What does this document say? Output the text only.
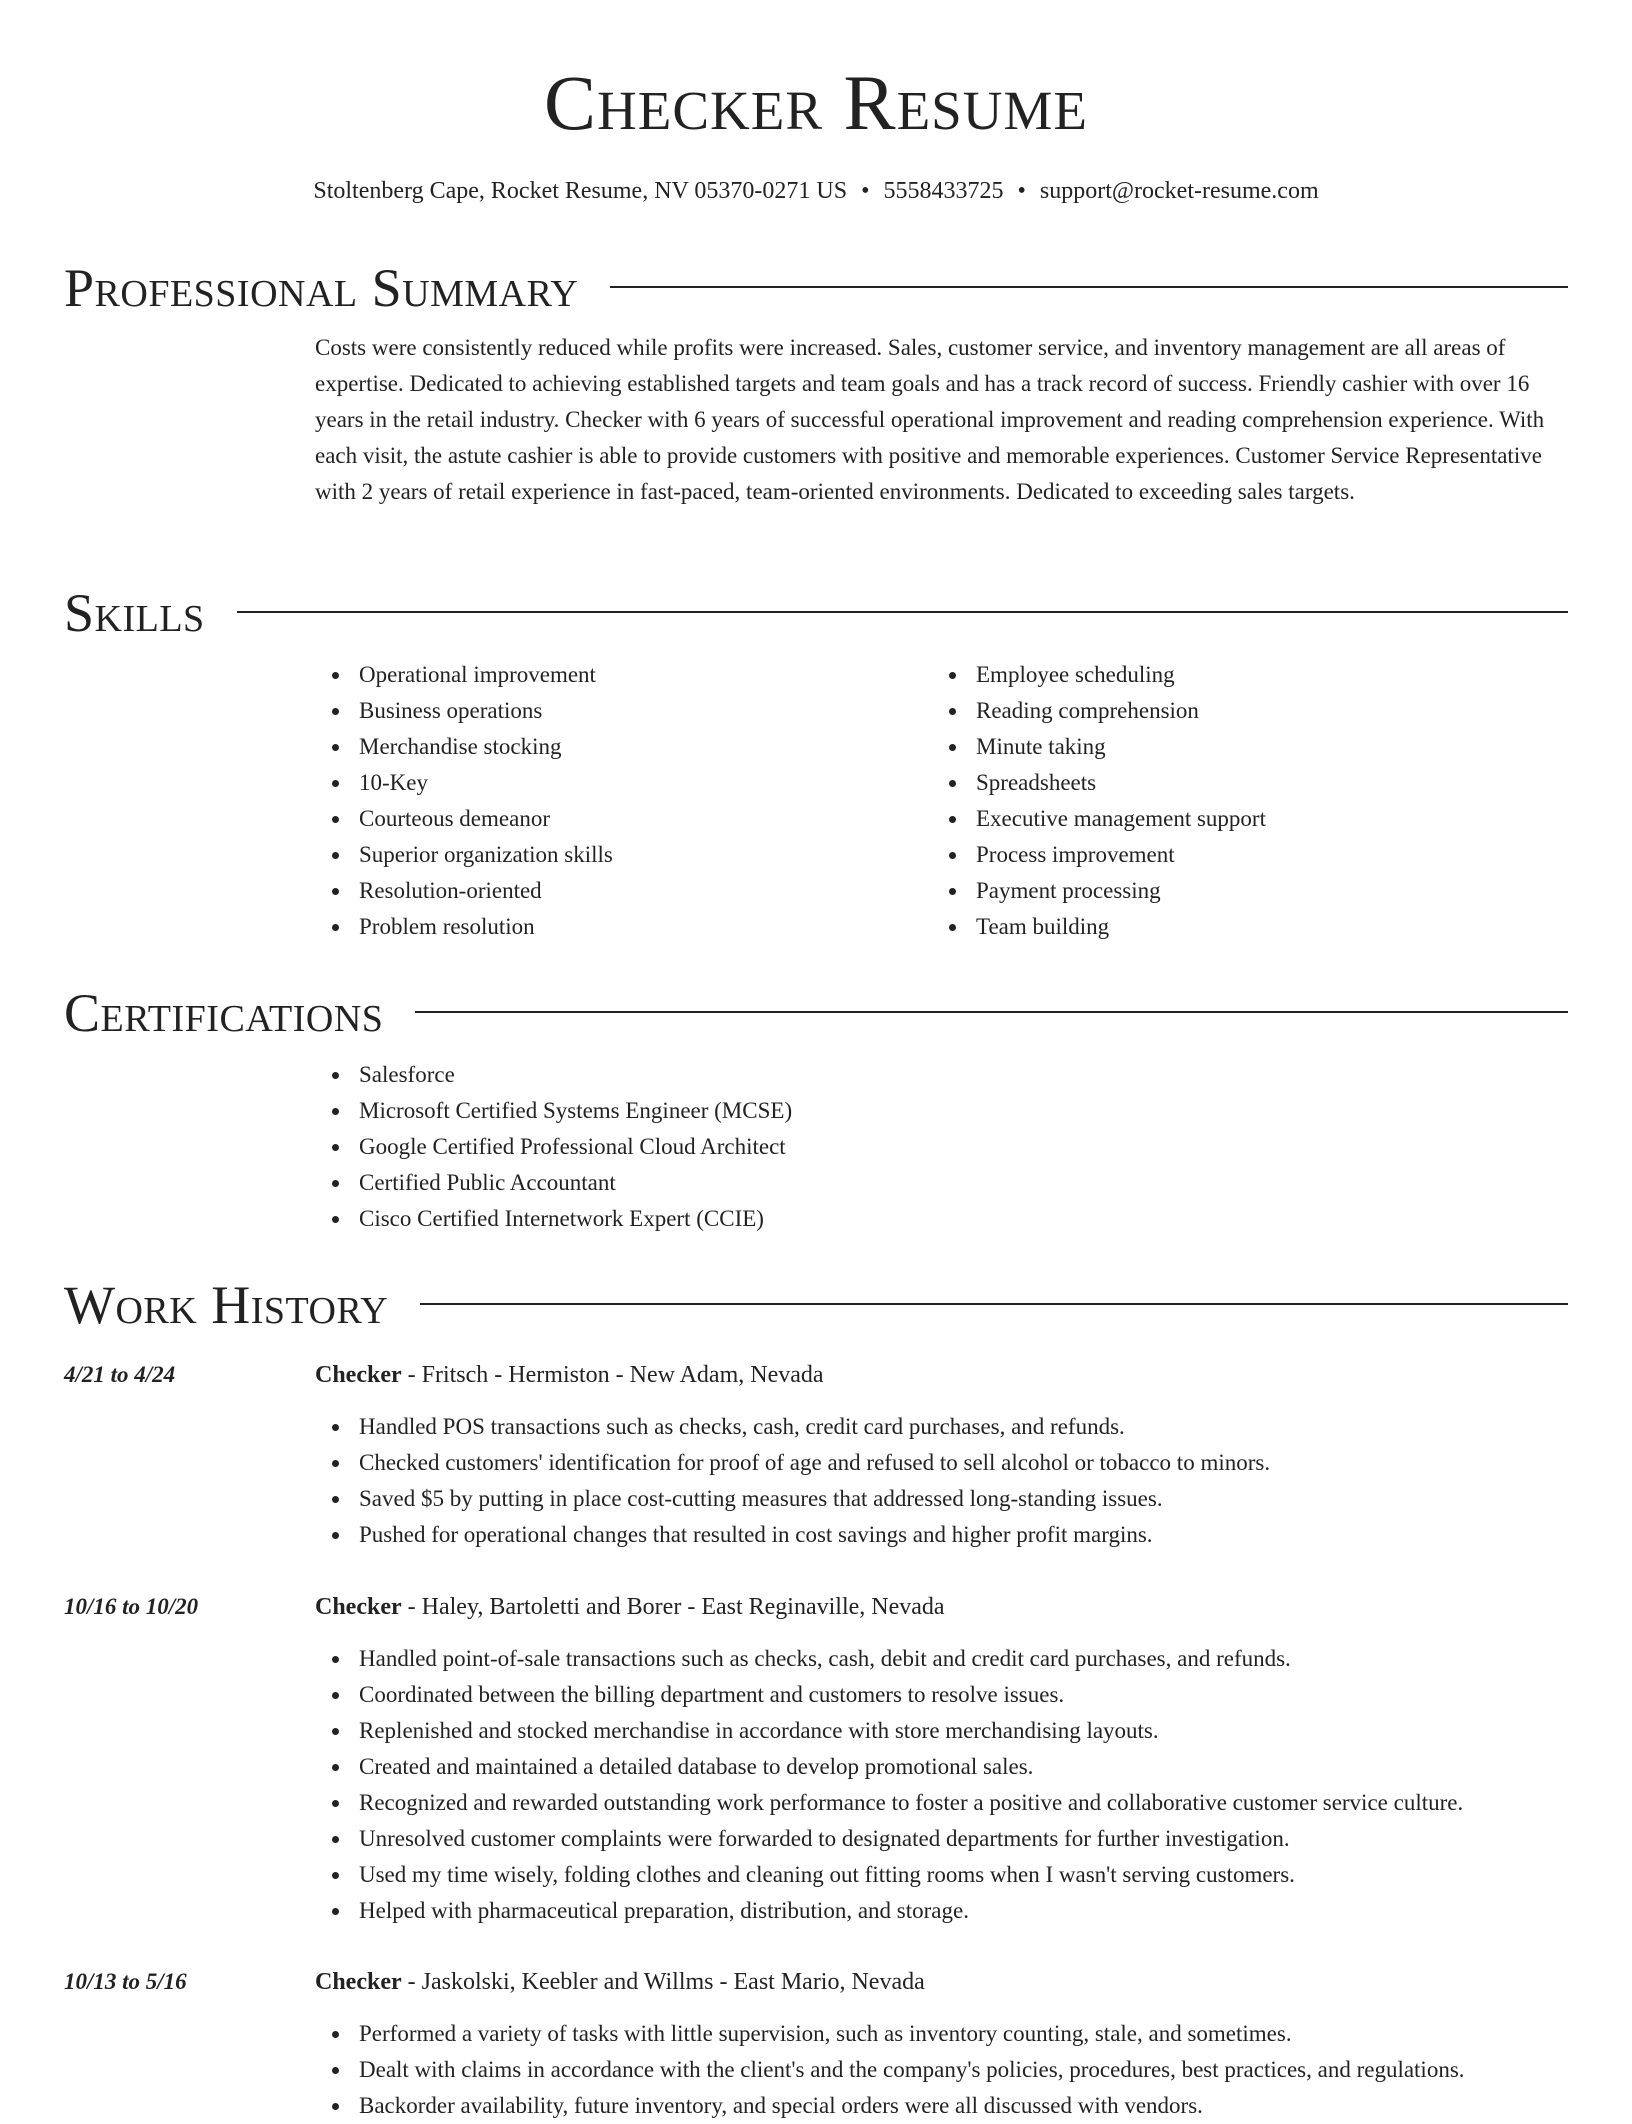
Checker Resume
Stoltenberg Cape, Rocket Resume, NV 05370-0271 US • 5558433725 • support@rocket-resume.com
Professional Summary

Costs were consistently reduced while profits were increased. Sales, customer service, and inventory management are all areas of expertise. Dedicated to achieving established targets and team goals and has a track record of success. Friendly cashier with over 16 years in the retail industry. Checker with 6 years of successful operational improvement and reading comprehension experience. With each visit, the astute cashier is able to provide customers with positive and memorable experiences. Customer Service Representative with 2 years of retail experience in fast-paced, team-oriented environments. Dedicated to exceeding sales targets.

Skills
Operational improvement
Business operations
Merchandise stocking
10-Key
Courteous demeanor
Superior organization skills
Resolution-oriented
Problem resolution
Employee scheduling
Reading comprehension
Minute taking
Spreadsheets
Executive management support
Process improvement
Payment processing
Team building
Certifications
Salesforce
Microsoft Certified Systems Engineer (MCSE)
Google Certified Professional Cloud Architect
Certified Public Accountant
Cisco Certified Internetwork Expert (CCIE)
Work History
4/21 to 4/24	Checker - Fritsch - Hermiston - New Adam, Nevada
Handled POS transactions such as checks, cash, credit card purchases, and refunds.
Checked customers' identification for proof of age and refused to sell alcohol or tobacco to minors.
Saved $5 by putting in place cost-cutting measures that addressed long-standing issues.
Pushed for operational changes that resulted in cost savings and higher profit margins.
10/16 to 10/20	Checker - Haley, Bartoletti and Borer - East Reginaville, Nevada
Handled point-of-sale transactions such as checks, cash, debit and credit card purchases, and refunds.
Coordinated between the billing department and customers to resolve issues.
Replenished and stocked merchandise in accordance with store merchandising layouts.
Created and maintained a detailed database to develop promotional sales.
Recognized and rewarded outstanding work performance to foster a positive and collaborative customer service culture.
Unresolved customer complaints were forwarded to designated departments for further investigation.
Used my time wisely, folding clothes and cleaning out fitting rooms when I wasn't serving customers.
Helped with pharmaceutical preparation, distribution, and storage.
10/13 to 5/16	Checker - Jaskolski, Keebler and Willms - East Mario, Nevada
Performed a variety of tasks with little supervision, such as inventory counting, stale, and sometimes.
Dealt with claims in accordance with the client's and the company's policies, procedures, best practices, and regulations.
Backorder availability, future inventory, and special orders were all discussed with vendors.
